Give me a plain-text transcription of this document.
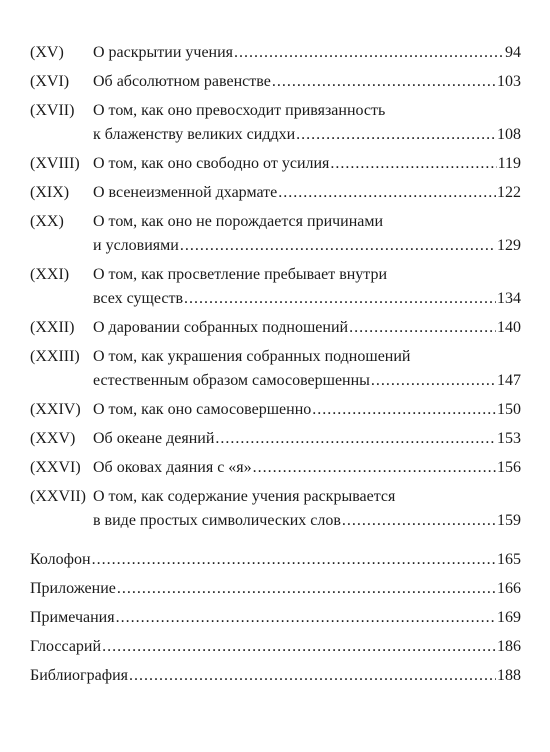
(XV)	О раскрытии учения .....	94
(XVI)	Об абсолютном равенстве .....	103
(XVII)	О том, как оно превосходит привязанность
к блаженству великих сиддхи .....	108
(XVIII) О том, как оно свободно от усилия .....	119
(XIX)	О всенеизменной дхармате .....	122
(XX)	О том, как оно не порождается причинами
и условиями .....	129
(XXI)	О том, как просветление пребывает внутри
всех существ .....	134
(XXII)	О даровании собранных подношений .....	140
(XXIII) О том, как украшения собранных подношений
естественным образом самосовершенны .....	147
(XXIV) О том, как оно самосовершенно .....	150
(XXV)	Об океане деяний .....	153
(XXVI) Об оковах даяния с «я» .....	156
(XXVII) О том, как содержание учения раскрывается
в виде простых символических слов .....	159
Колофон .....	165
Приложение .....	166
Примечания .....	169
Глоссарий .....	186
Библиография .....	188
